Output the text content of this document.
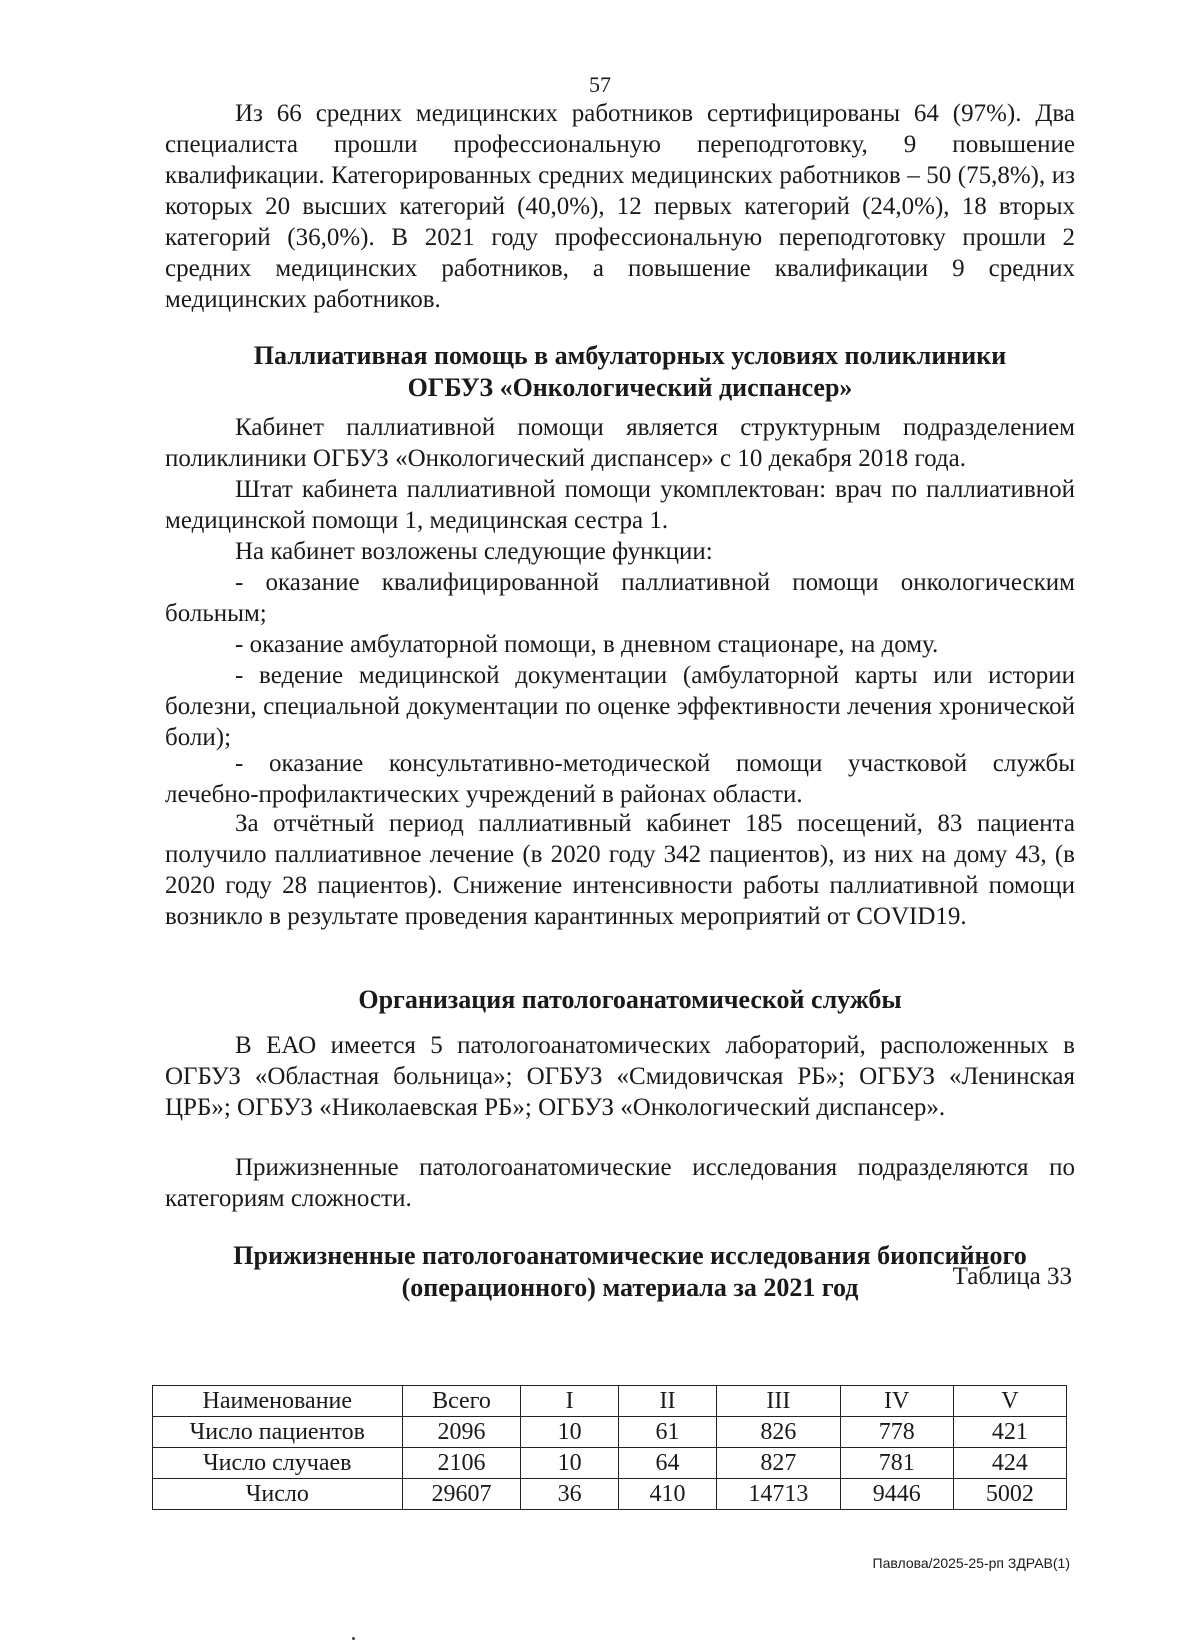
57

Из 66 средних медицинских работников сертифицированы 64 (97%). Два специалиста прошли профессиональную переподготовку, 9 повышение квалификации. Категорированных средних медицинских работников – 50 (75,8%), из которых 20 высших категорий (40,0%), 12 первых категорий (24,0%), 18 вторых категорий (36,0%). В 2021 году профессиональную переподготовку прошли 2 средних медицинских работников, а повышение квалификации 9 средних медицинских работников.

Паллиативная помощь в амбулаторных условиях поликлиники

ОГБУЗ «Онкологический диспансер»

Кабинет паллиативной помощи является структурным подразделением поликлиники ОГБУЗ «Онкологический диспансер» с 10 декабря 2018 года.

Штат кабинета паллиативной помощи укомплектован: врач по паллиативной медицинской помощи 1, медицинская сестра 1.

На кабинет возложены следующие функции:

- оказание квалифицированной паллиативной помощи онкологическим больным;

- оказание амбулаторной помощи, в дневном стационаре, на дому.

- ведение медицинской документации (амбулаторной карты или истории болезни, специальной документации по оценке эффективности лечения хронической боли);

- оказание консультативно-методической помощи участковой службы лечебно-профилактических учреждений в районах области.

За отчётный период паллиативный кабинет 185 посещений, 83 пациента получило паллиативное лечение (в 2020 году 342 пациентов), из них на дому 43, (в 2020 году 28 пациентов). Снижение интенсивности работы паллиативной помощи возникло в результате проведения карантинных мероприятий от COVID19.

Организация патологоанатомической службы

В ЕАО имеется 5 патологоанатомических лабораторий, расположенных в ОГБУЗ «Областная больница»; ОГБУЗ «Смидовичская РБ»; ОГБУЗ «Ленинская ЦРБ»; ОГБУЗ «Николаевская РБ»; ОГБУЗ «Онкологический диспансер».

Прижизненные патологоанатомические исследования подразделяются по категориям сложности.

Таблица 33

Прижизненные патологоанатомические исследования биопсийного

(операционного) материала за 2021 год

Наименование	Всего	I	II	III	IV	V
Число пациентов	2096	10	61	826	778	421
Число случаев	2106	10	64	827	781	424
Число	29607	36	410	14713	9446	5002
Павлова/2025-25-рп ЗДРАВ(1)
